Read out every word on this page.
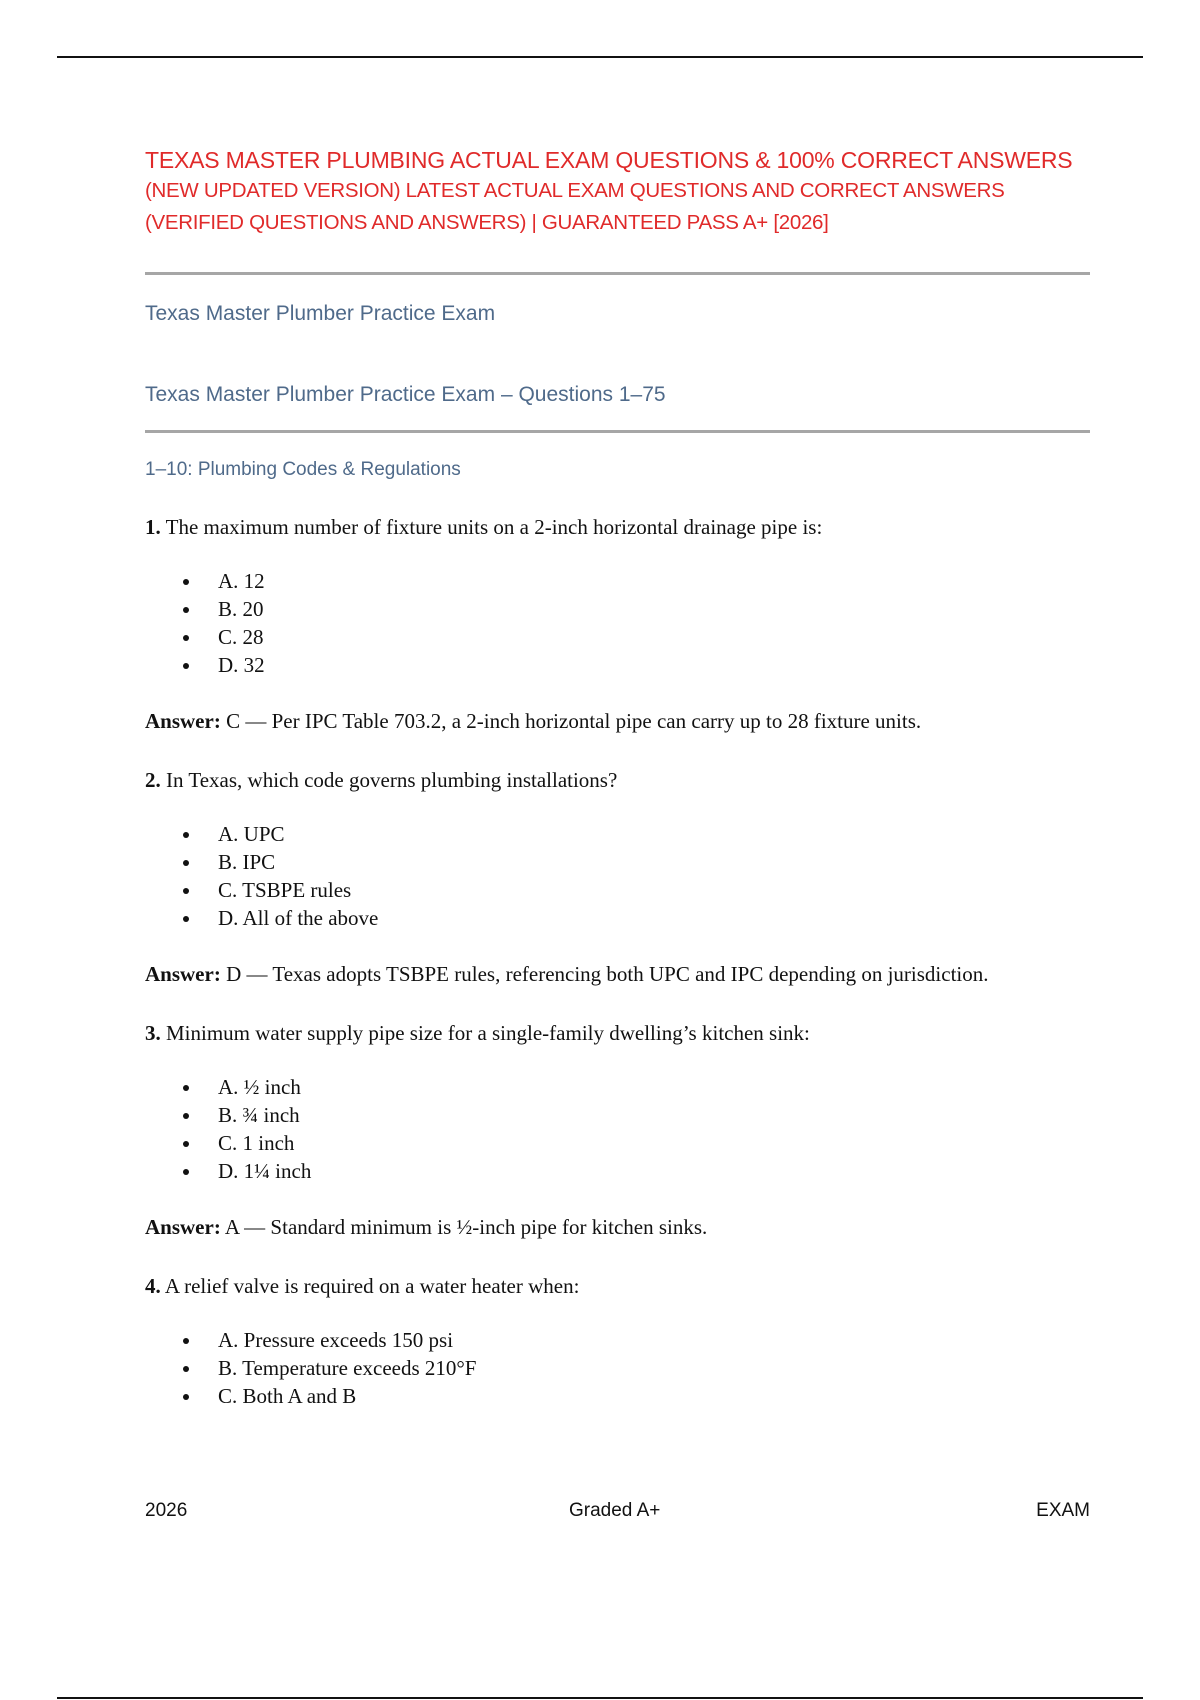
TEXAS MASTER PLUMBING ACTUAL EXAM QUESTIONS & 100% CORRECT ANSWERS
(NEW UPDATED VERSION) LATEST ACTUAL EXAM QUESTIONS AND CORRECT ANSWERS
(VERIFIED QUESTIONS AND ANSWERS) | GUARANTEED PASS A+ [2026]
Texas Master Plumber Practice Exam
Texas Master Plumber Practice Exam – Questions 1–75
1–10: Plumbing Codes & Regulations
1. The maximum number of fixture units on a 2-inch horizontal drainage pipe is:
A. 12
B. 20
C. 28
D. 32
Answer: C — Per IPC Table 703.2, a 2-inch horizontal pipe can carry up to 28 fixture units.
2. In Texas, which code governs plumbing installations?
A. UPC
B. IPC
C. TSBPE rules
D. All of the above
Answer: D — Texas adopts TSBPE rules, referencing both UPC and IPC depending on jurisdiction.
3. Minimum water supply pipe size for a single-family dwelling’s kitchen sink:
A. ½ inch
B. ¾ inch
C. 1 inch
D. 1¼ inch
Answer: A — Standard minimum is ½-inch pipe for kitchen sinks.
4. A relief valve is required on a water heater when:
A. Pressure exceeds 150 psi
B. Temperature exceeds 210°F
C. Both A and B
2026	Graded A+	EXAM
